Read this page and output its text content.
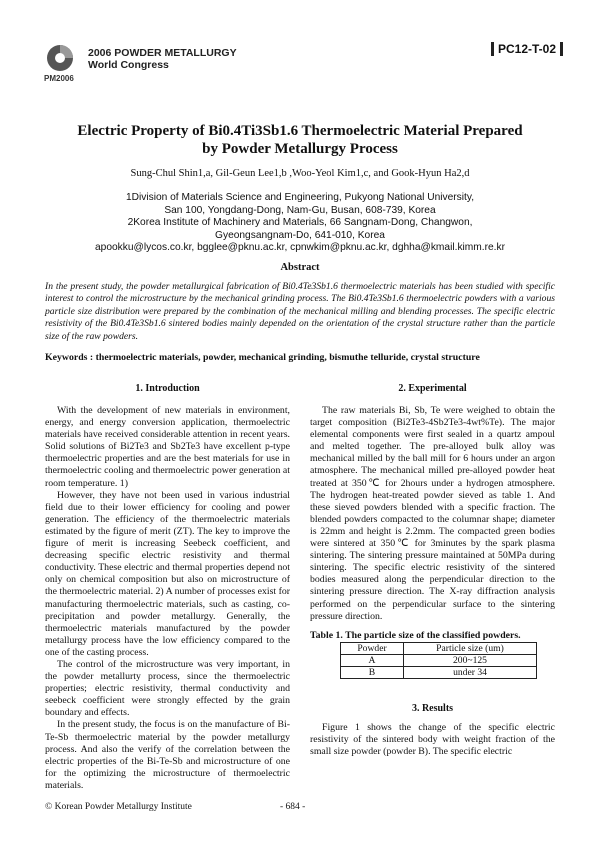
PM2006
2006 POWDER METALLURGY
World Congress
PC12-T-02
Electric Property of Bi0.4Ti3Sb1.6 Thermoelectric Material Prepared
by Powder Metallurgy Process
Sung-Chul Shin1,a, Gil-Geun Lee1,b ,Woo-Yeol Kim1,c, and Gook-Hyun Ha2,d
1Division of Materials Science and Engineering, Pukyong National University,
San 100, Yongdang-Dong, Nam-Gu, Busan, 608-739, Korea
2Korea Institute of Machinery and Materials, 66 Sangnam-Dong, Changwon,
Gyeongsangnam-Do, 641-010, Korea
apookku@lycos.co.kr, bgglee@pknu.ac.kr, cpnwkim@pknu.ac.kr, dghha@kmail.kimm.re.kr
Abstract
In the present study, the powder metallurgical fabrication of Bi0.4Te3Sb1.6 thermoelectric materials has been studied with specific interest to control the microstructure by the mechanical grinding process. The Bi0.4Te3Sb1.6 thermoelectric powders with a various particle size distribution were prepared by the combination of the mechanical milling and blending processes. The specific electric resistivity of the Bi0.4Te3Sb1.6 sintered bodies mainly depended on the orientation of the crystal structure rather than the particle size of the raw powders.
Keywords : thermoelectric materials, powder, mechanical grinding, bismuthe telluride, crystal structure
1. Introduction

With the development of new materials in environment, energy, and energy conversion application, thermoelectric materials have received considerable attention in recent years. Solid solutions of Bi2Te3 and Sb2Te3 have excellent p-type thermoelectric properties and are the best materials for use in thermoelectric cooling and thermoelectric power generation at room temperature. 1)

However, they have not been used in various industrial field due to their lower efficiency for cooling and power generation. The efficiency of the thermoelectric materials estimated by the figure of merit (ZT). The key to improve the figure of merit is increasing Seebeck coefficient, and decreasing specific electric resistivity and thermal conductivity. These electric and thermal properties depend not only on chemical composition but also on microstructure of the thermoelectric material. 2) A number of processes exist for manufacturing thermoelectric materials, such as casting, co-precipitation and powder metallurgy. Generally, the thermoelectric materials manufactured by the powder metallurgy process have the low efficiency compared to the one of the casting process.

The control of the microstructure was very important, in the powder metallurty process, since the thermoelectric properties; electric resistivity, thermal conductivity and seebeck coefficient were strongly effected by the grain boundary and effects.

In the present study, the focus is on the manufacture of Bi-Te-Sb thermoelectric material by the powder metallurgy process. And also the verify of the correlation between the electric properties of the Bi-Te-Sb and microstructure of one for the optimizing the microstructure of thermoelectric materials.

2. Experimental

The raw materials Bi, Sb, Te were weighed to obtain the target composition (Bi2Te3-4Sb2Te3-4wt%Te). The major elemental components were first sealed in a quartz ampoul and melted together. The pre-alloyed bulk alloy was mechanical milled by the ball mill for 6 hours under an argon atmosphere. The mechanical milled pre-alloyed powder heat treated at 350℃ for 2hours under a hydrogen atmosphere. The hydrogen heat-treated powder sieved as table 1. And these sieved powders blended with a specific fraction. The blended powders compacted to the columnar shape; diameter is 22mm and height is 2.2mm. The compacted green bodies were sintered at 350℃ for 3minutes by the spark plasma sintering. The sintering pressure maintained at 50MPa during sintering. The specific electric resistivity of the sintered bodies measured along the perpendicular direction to the sintering pressure direction. The X-ray diffraction analysis performed on the perpendicular surface to the sintering pressure direction.

Table 1. The particle size of the classified powders.
Powder	Particle size (um)
A	200~125
B	under 34
3. Results

Figure 1 shows the change of the specific electric resistivity of the sintered body with weight fraction of the small size powder (powder B). The specific electric

© Korean Powder Metallurgy Institute	- 684 -
